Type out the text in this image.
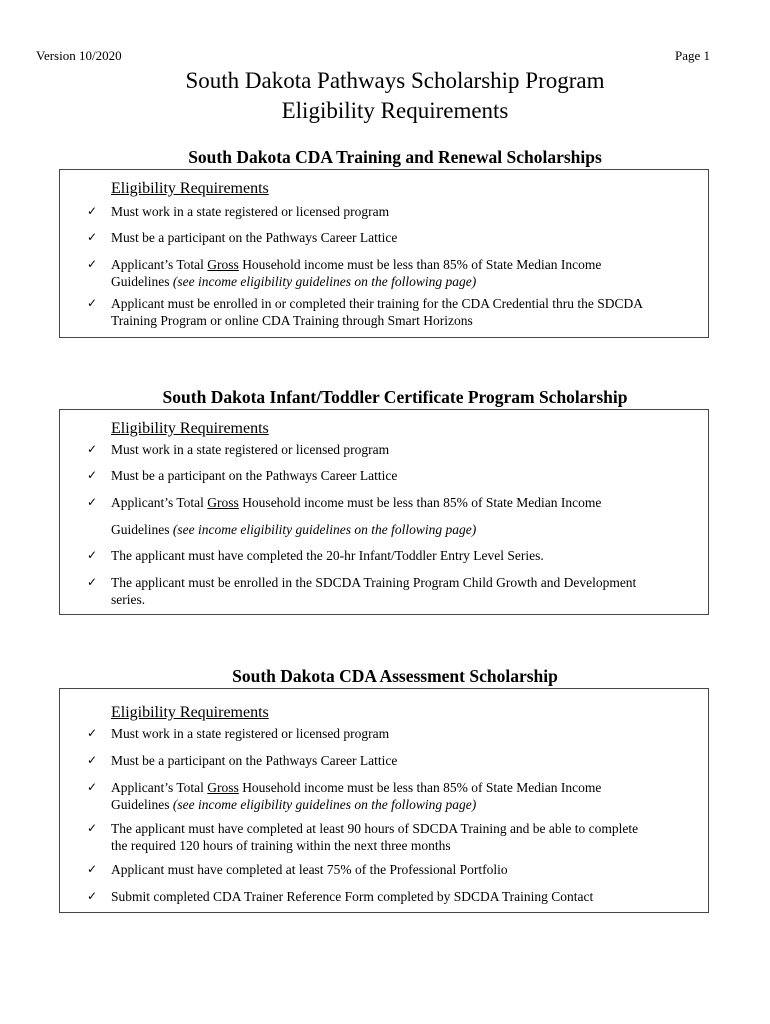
Version 10/2020	Page 1
South Dakota Pathways Scholarship Program
Eligibility Requirements
South Dakota CDA Training and Renewal Scholarships
Eligibility Requirements
✓ Must work in a state registered or licensed program
✓ Must be a participant on the Pathways Career Lattice
✓ Applicant’s Total Gross Household income must be less than 85% of State Median Income
Guidelines (see income eligibility guidelines on the following page)
✓ Applicant must be enrolled in or completed their training for the CDA Credential thru the SDCDA
Training Program or online CDA Training through Smart Horizons
South Dakota Infant/Toddler Certificate Program Scholarship
Eligibility Requirements
✓ Must work in a state registered or licensed program
✓ Must be a participant on the Pathways Career Lattice
✓ Applicant’s Total Gross Household income must be less than 85% of State Median Income
Guidelines (see income eligibility guidelines on the following page)
✓ The applicant must have completed the 20-hr Infant/Toddler Entry Level Series.
✓ The applicant must be enrolled in the SDCDA Training Program Child Growth and Development
series.
South Dakota CDA Assessment Scholarship
Eligibility Requirements
✓ Must work in a state registered or licensed program
✓ Must be a participant on the Pathways Career Lattice
✓ Applicant’s Total Gross Household income must be less than 85% of State Median Income
Guidelines (see income eligibility guidelines on the following page)
✓ The applicant must have completed at least 90 hours of SDCDA Training and be able to complete
the required 120 hours of training within the next three months
✓ Applicant must have completed at least 75% of the Professional Portfolio
✓ Submit completed CDA Trainer Reference Form completed by SDCDA Training Contact
